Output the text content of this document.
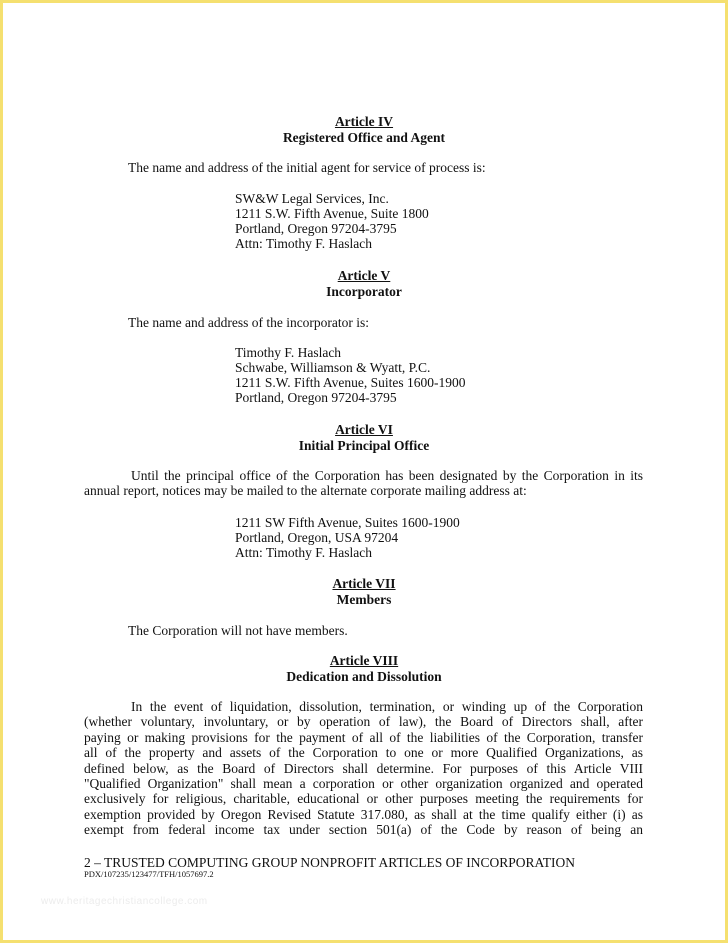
Article IV
Registered Office and Agent
The name and address of the initial agent for service of process is:
SW&W Legal Services, Inc.
1211 S.W. Fifth Avenue, Suite 1800
Portland, Oregon 97204-3795
Attn: Timothy F. Haslach
Article V
Incorporator
The name and address of the incorporator is:
Timothy F. Haslach
Schwabe, Williamson & Wyatt, P.C.
1211 S.W. Fifth Avenue, Suites 1600-1900
Portland, Oregon 97204-3795
Article VI
Initial Principal Office

Until the principal office of the Corporation has been designated by the Corporation in its

annual report, notices may be mailed to the alternate corporate mailing address at:

1211 SW Fifth Avenue, Suites 1600-1900
Portland, Oregon, USA 97204
Attn: Timothy F. Haslach
Article VII
Members
The Corporation will not have members.
Article VIII
Dedication and Dissolution

In the event of liquidation, dissolution, termination, or winding up of the Corporation

(whether voluntary, involuntary, or by operation of law), the Board of Directors shall, after

paying or making provisions for the payment of all of the liabilities of the Corporation, transfer

all of the property and assets of the Corporation to one or more Qualified Organizations, as

defined below, as the Board of Directors shall determine. For purposes of this Article VIII

"Qualified Organization" shall mean a corporation or other organization organized and operated

exclusively for religious, charitable, educational or other purposes meeting the requirements for

exemption provided by Oregon Revised Statute 317.080, as shall at the time qualify either (i) as

exempt from federal income tax under section 501(a) of the Code by reason of being an

2 – TRUSTED COMPUTING GROUP NONPROFIT ARTICLES OF INCORPORATION
PDX/107235/123477/TFH/1057697.2
www.heritagechristiancollege.com
